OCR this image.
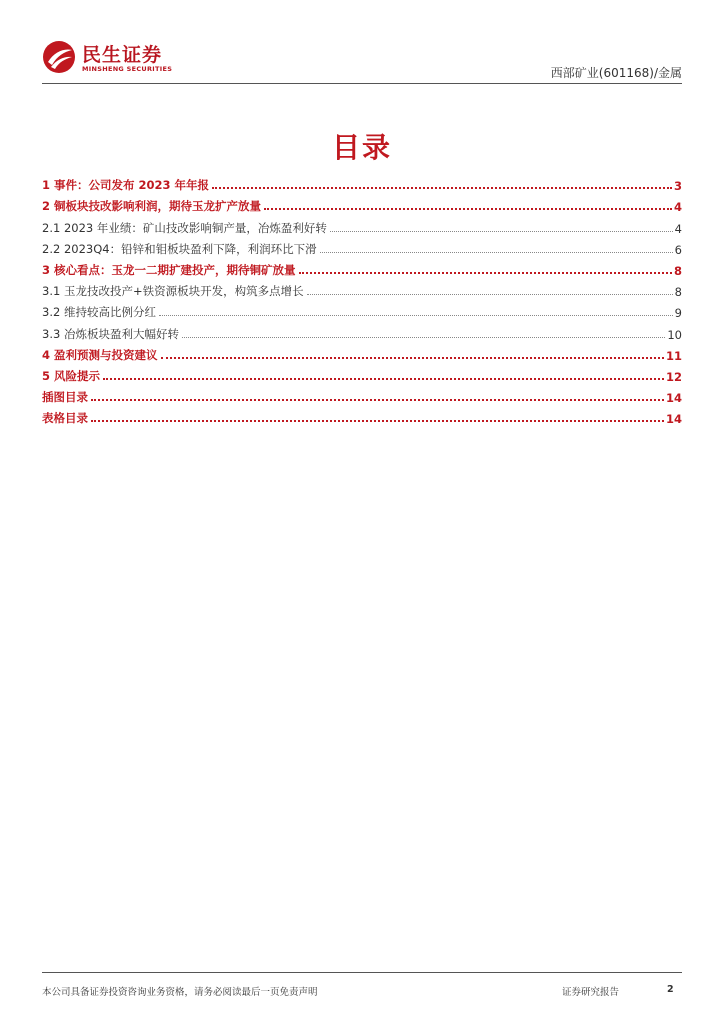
民生证券
MINSHENG SECURITIES	西部矿业(601168)/金属
目录
1 事件：公司发布 2023 年年报	3
2 铜板块技改影响利润，期待玉龙扩产放量	4
2.1 2023 年业绩：矿山技改影响铜产量，冶炼盈利好转	4
2.2 2023Q4：铅锌和钼板块盈利下降，利润环比下滑	6
3 核心看点：玉龙一二期扩建投产，期待铜矿放量	8
3.1 玉龙技改投产+铁资源板块开发，构筑多点增长	8
3.2 维持较高比例分红	9
3.3 冶炼板块盈利大幅好转	10
4 盈利预测与投资建议	11
5 风险提示	12
插图目录	14
表格目录	14
本公司具备证券投资咨询业务资格，请务必阅读最后一页免责声明	证券研究报告	2
